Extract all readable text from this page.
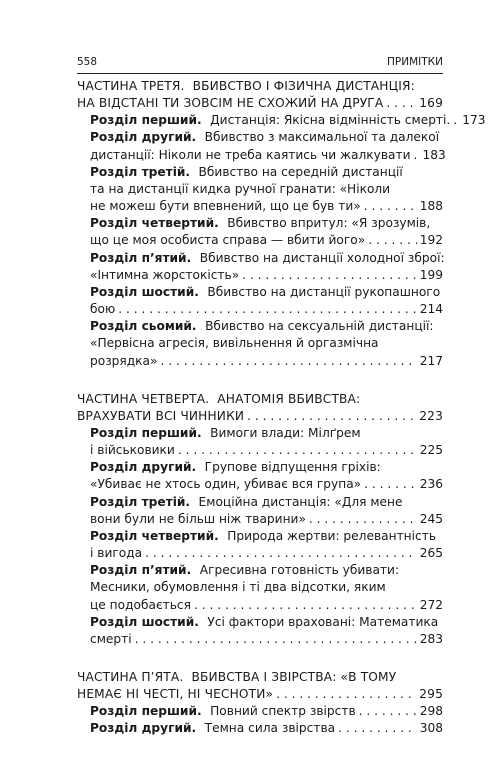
558	ПРИМІТКИ
ЧАСТИНА ТРЕТЯ.  ВБИВСТВО І ФІЗИЧНА ДИСТАНЦІЯ:
НА ВІДСТАНІ ТИ ЗОВСІМ НЕ СХОЖИЙ НА ДРУГА . . .	169
Розділ перший. Дистанція: Якісна відмінність смерті. . . . 173
Розділ другий. Вбивство з максимальної та далекої
дистанції: Ніколи не треба каятись чи жалкувати . . . 183
Розділ третій. Вбивство на середній дистанції
та на дистанції кидка ручної гранати: «Ніколи
не можеш бути впевнений, що це був ти» . . .	188
Розділ четвертий. Вбивство впритул: «Я зрозумів,
що це моя особиста справа — вбити його» . . .	192
Розділ п’ятий. Вбивство на дистанції холодної зброї:
«Інтимна жорстокість» . . .	199
Розділ шостий. Вбивство на дистанції рукопашного
бою . . .	214
Розділ сьомий. Вбивство на сексуальній дистанції:
«Первісна агресія, вивільнення й оргазмічна
розрядка» . . .	217
ЧАСТИНА ЧЕТВЕРТА.  АНАТОМІЯ ВБИВСТВА:
ВРАХУВАТИ ВСІ ЧИННИКИ . . .	223
Розділ перший. Вимоги влади: Мілґрем
і військовики . . .	225
Розділ другий. Групове відпущення гріхів:
«Убиває не хтось один, убиває вся група» . . .	236
Розділ третій. Емоційна дистанція: «Для мене
вони були не більш ніж тварини» . . .	245
Розділ четвертий. Природа жертви: релевантність
і вигода . . .	265
Розділ п’ятий. Агресивна готовність убивати:
Месники, обумовлення і ті два відсотки, яким
це подобається . . .	272
Розділ шостий. Усі фактори враховані: Математика
смерті . . .	283
ЧАСТИНА П’ЯТА.  ВБИВСТВА І ЗВІРСТВА: «В ТОМУ
НЕМАЄ НІ ЧЕСТІ, НІ ЧЕСНОТИ» . . .	295
Розділ перший. Повний спектр звірств . . .	298
Розділ другий. Темна сила звірства . . .	308
